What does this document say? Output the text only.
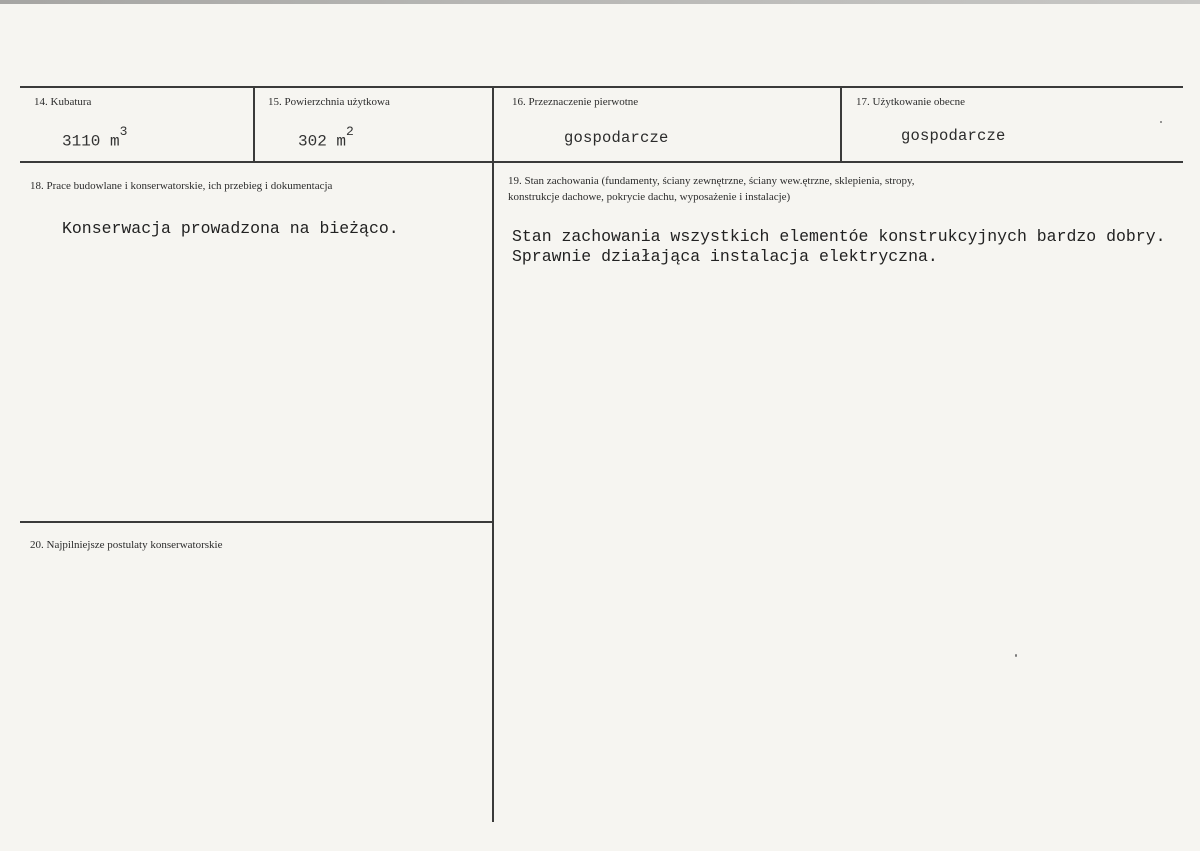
14. Kubatura
3110 $m^3$
15. Powierzchnia użytkowa
302 $m^2$
16. Przeznaczenie pierwotne
gospodarcze
17. Użytkowanie obecne
gospodarcze
18. Prace budowlane i konserwatorskie, ich przebieg i dokumentacja
Konserwacja prowadzona na bieżąco.
19. Stan zachowania (fundamenty, ściany zewnętrzne, ściany wew.ętrzne, sklepienia, stropy,
konstrukcje dachowe, pokrycie dachu, wyposażenie i instalacje)
Stan zachowania wszystkich elementóe konstrukcyjnych bardzo dobry.
Sprawnie działająca instalacja elektryczna.
20. Najpilniejsze postulaty konserwatorskie
